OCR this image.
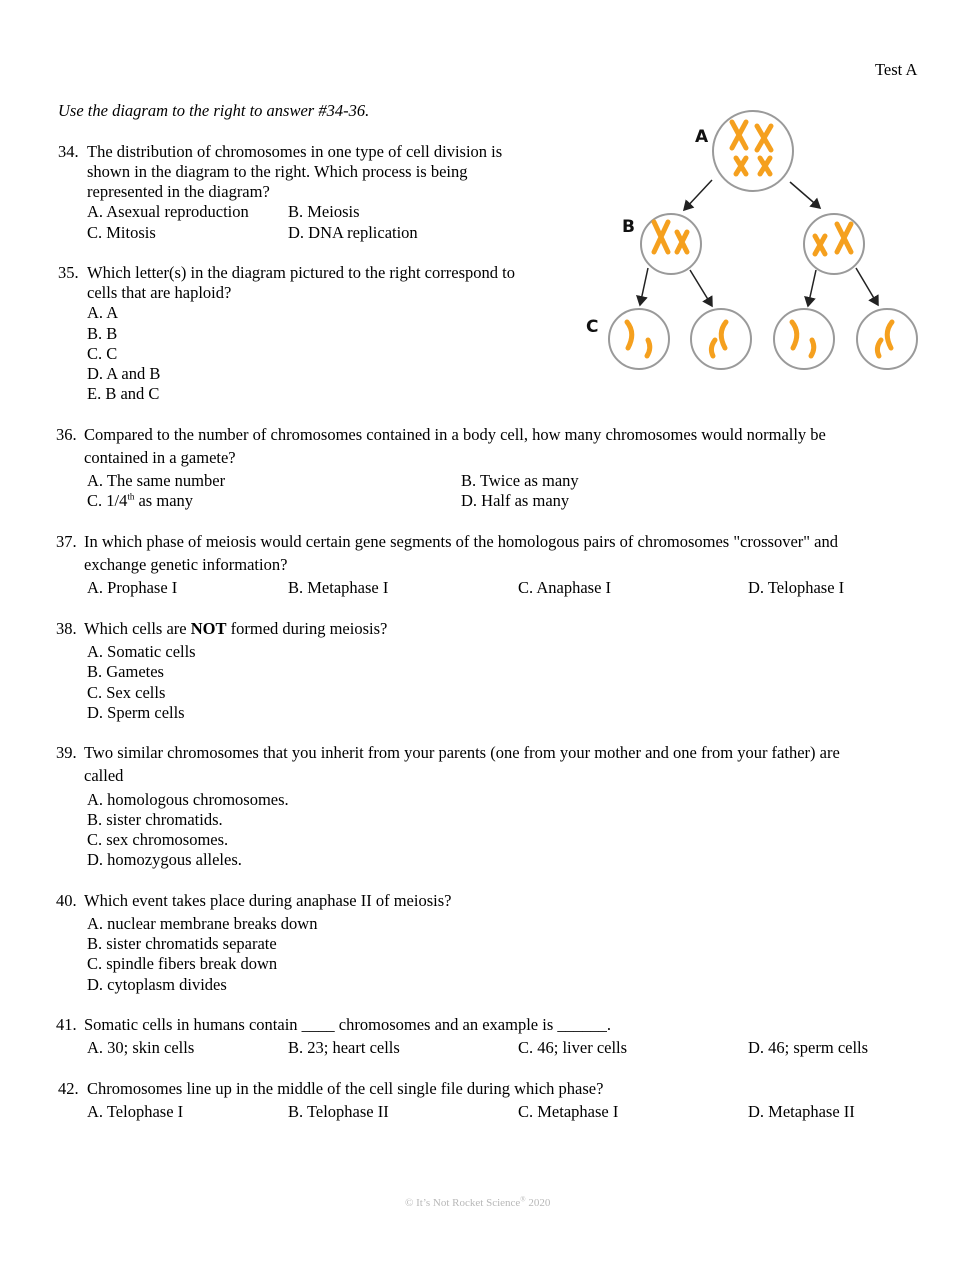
Test A
Use the diagram to the right to answer #34-36.
34. The distribution of chromosomes in one type of cell division is
shown in the diagram to the right. Which process is being
represented in the diagram?
A. Asexual reproduction B. Meiosis
C. Mitosis	D. DNA replication
35. Which letter(s) in the diagram pictured to the right correspond to
cells that are haploid?
A. A
B. B
C. C
D. A and B
E. B and C
A
B
C
36. Compared to the number of chromosomes contained in a body cell, how many chromosomes would normally be
contained in a gamete?
A. The same number	B. Twice as many
C. 1/4th as many	D. Half as many
37. In which phase of meiosis would certain gene segments of the homologous pairs of chromosomes "crossover" and
exchange genetic information?
A. Prophase I	B. Metaphase I	C. Anaphase I	D. Telophase I
38. Which cells are NOT formed during meiosis?
A. Somatic cells
B. Gametes
C. Sex cells
D. Sperm cells
39. Two similar chromosomes that you inherit from your parents (one from your mother and one from your father) are
called
A. homologous chromosomes.
B. sister chromatids.
C. sex chromosomes.
D. homozygous alleles.
40. Which event takes place during anaphase II of meiosis?
A. nuclear membrane breaks down
B. sister chromatids separate
C. spindle fibers break down
D. cytoplasm divides
41. Somatic cells in humans contain ____ chromosomes and an example is ______.
A. 30; skin cells	B. 23; heart cells	C. 46; liver cells	D. 46; sperm cells
42. Chromosomes line up in the middle of the cell single file during which phase?
A. Telophase I	B. Telophase II	C. Metaphase I	D. Metaphase II
© It’s Not Rocket Science® 2020
